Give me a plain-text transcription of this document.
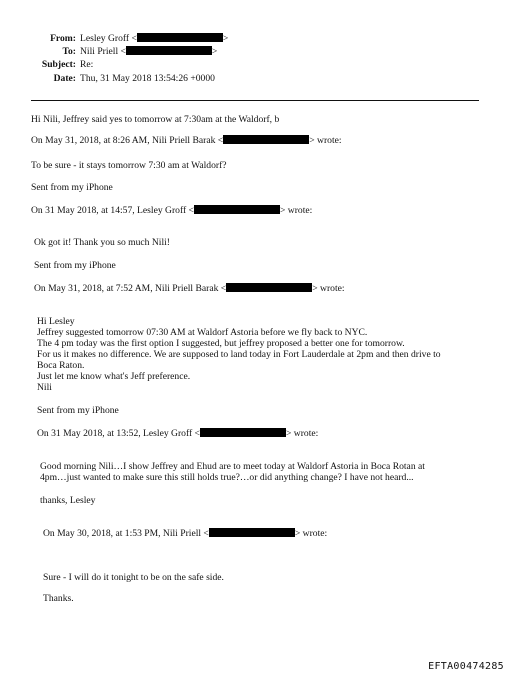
From: Lesley Groff <	>
To: Nili Priell <	>
Subject: Re:
Date: Thu, 31 May 2018 13:54:26 +0000
Hi Nili, Jeffrey said yes to tomorrow at 7:30am at the Waldorf, b
On May 31, 2018, at 8:26 AM, Nili Priell Barak <	> wrote:
To be sure - it stays tomorrow 7:30 am at Waldorf?
Sent from my iPhone
On 31 May 2018, at 14:57, Lesley Groff <	> wrote:
Ok got it! Thank you so much Nili!
Sent from my iPhone
On May 31, 2018, at 7:52 AM, Nili Priell Barak <	> wrote:
Hi Lesley
Jeffrey suggested tomorrow 07:30 AM at Waldorf Astoria before we fly back to NYC.
The 4 pm today was the first option I suggested, but jeffrey proposed a better one for tomorrow.
For us it makes no difference. We are supposed to land today in Fort Lauderdale at 2pm and then drive to
Boca Raton.
Just let me know what's Jeff preference.
Nili
Sent from my iPhone
On 31 May 2018, at 13:52, Lesley Groff <	> wrote:
Good morning Nili…I show Jeffrey and Ehud are to meet today at Waldorf Astoria in Boca Rotan at
4pm…just wanted to make sure this still holds true?…or did anything change? I have not heard...
thanks, Lesley
On May 30, 2018, at 1:53 PM, Nili Priell <	> wrote:
Sure - I will do it tonight to be on the safe side.
Thanks.
EFTA00474285
